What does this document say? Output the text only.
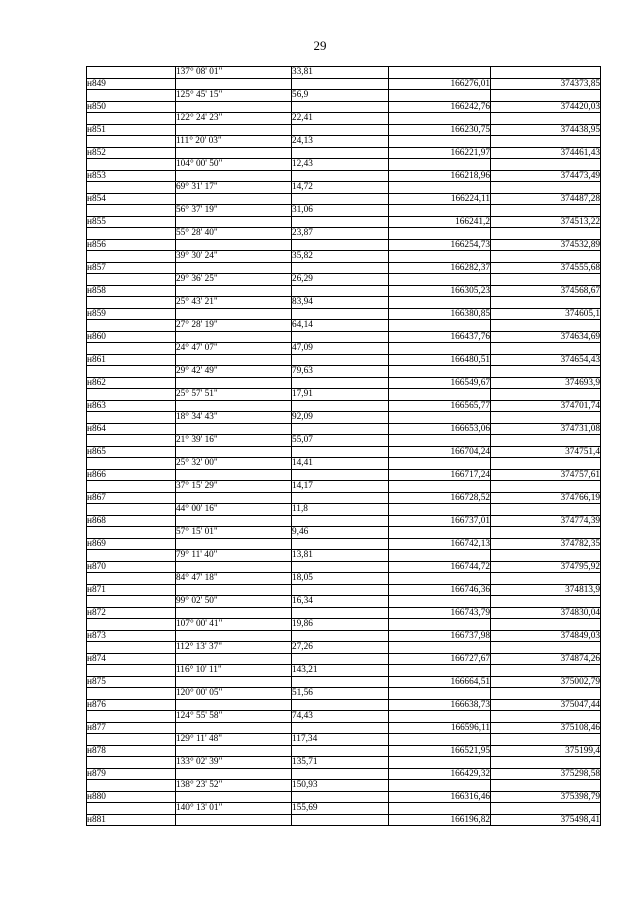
29
	137° 08' 01"	33,81		
н849			166276,01	374373,85
	125° 45' 15"	56,9		
н850			166242,76	374420,03
	122° 24' 23"	22,41		
н851			166230,75	374438,95
	111° 20' 03"	24,13		
н852			166221,97	374461,43
	104° 00' 50"	12,43		
н853			166218,96	374473,49
	69° 31' 17"	14,72		
н854			166224,11	374487,28
	56° 37' 19"	31,06		
н855			166241,2	374513,22
	55° 28' 40"	23,87		
н856			166254,73	374532,89
	39° 30' 24"	35,82		
н857			166282,37	374555,68
	29° 36' 25"	26,29		
н858			166305,23	374568,67
	25° 43' 21"	83,94		
н859			166380,85	374605,1
	27° 28' 19"	64,14		
н860			166437,76	374634,69
	24° 47' 07"	47,09		
н861			166480,51	374654,43
	29° 42' 49"	79,63		
н862			166549,67	374693,9
	25° 57' 51"	17,91		
н863			166565,77	374701,74
	18° 34' 43"	92,09		
н864			166653,06	374731,08
	21° 39' 16"	55,07		
н865			166704,24	374751,4
	25° 32' 00"	14,41		
н866			166717,24	374757,61
	37° 15' 29"	14,17		
н867			166728,52	374766,19
	44° 00' 16"	11,8		
н868			166737,01	374774,39
	57° 15' 01"	9,46		
н869			166742,13	374782,35
	79° 11' 40"	13,81		
н870			166744,72	374795,92
	84° 47' 18"	18,05		
н871			166746,36	374813,9
	99° 02' 50"	16,34		
н872			166743,79	374830,04
	107° 00' 41"	19,86		
н873			166737,98	374849,03
	112° 13' 37"	27,26		
н874			166727,67	374874,26
	116° 10' 11"	143,21		
н875			166664,51	375002,79
	120° 00' 05"	51,56		
н876			166638,73	375047,44
	124° 55' 58"	74,43		
н877			166596,11	375108,46
	129° 11' 48"	117,34		
н878			166521,95	375199,4
	133° 02' 39"	135,71		
н879			166429,32	375298,58
	138° 23' 52"	150,93		
н880			166316,46	375398,79
	140° 13' 01"	155,69		
н881			166196,82	375498,41
